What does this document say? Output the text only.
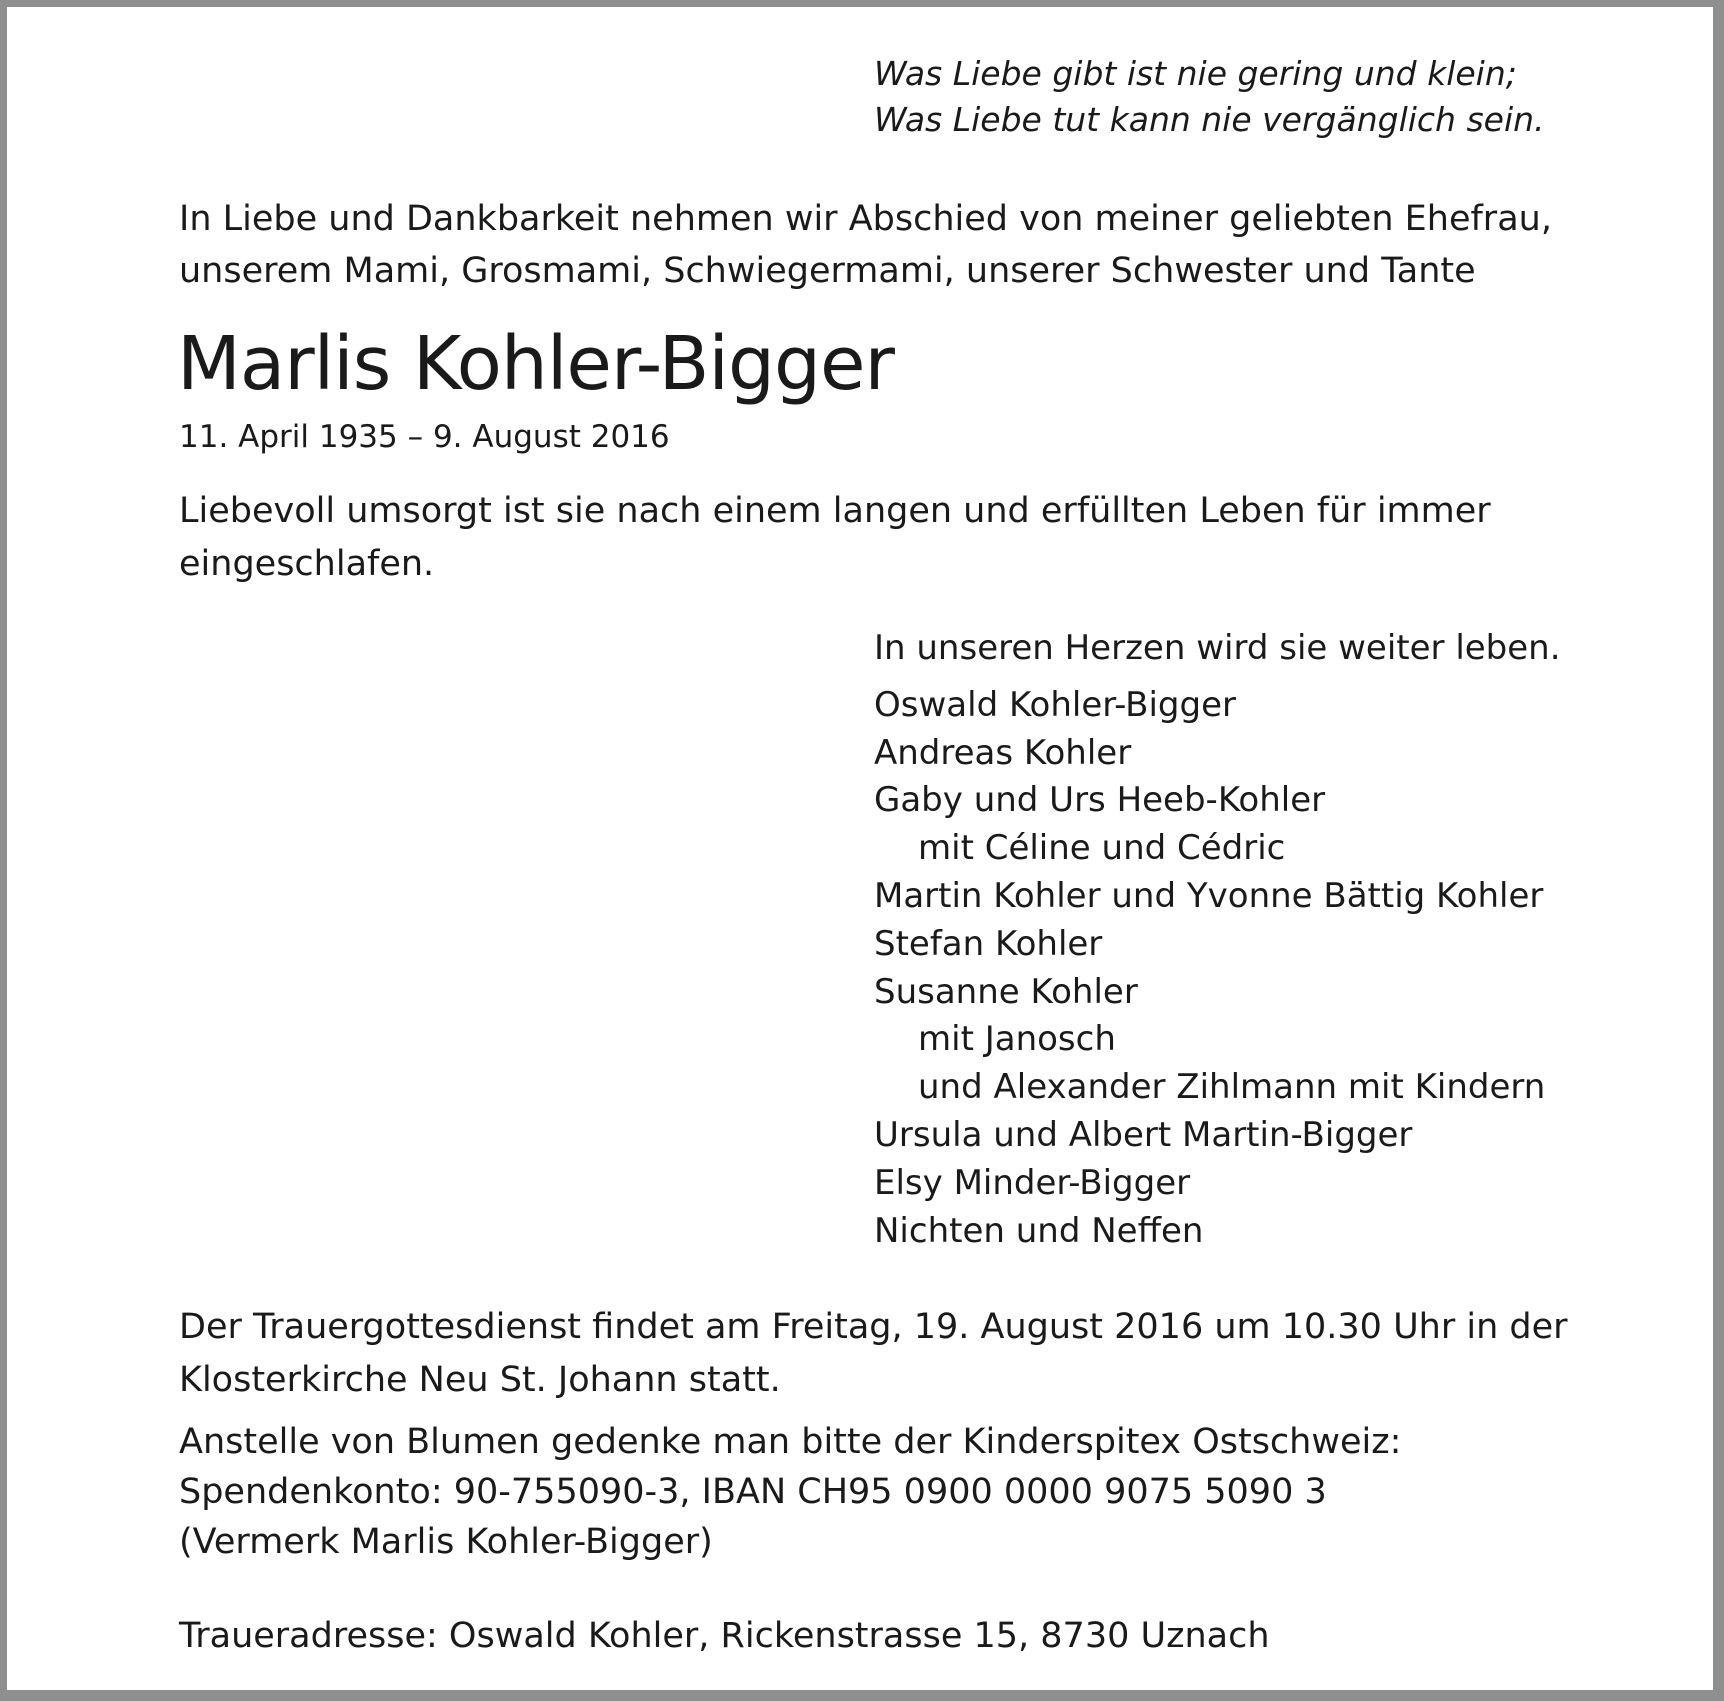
Was Liebe gibt ist nie gering und klein;
Was Liebe tut kann nie vergänglich sein.
In Liebe und Dankbarkeit nehmen wir Abschied von meiner geliebten Ehefrau,
unserem Mami, Grosmami, Schwiegermami, unserer Schwester und Tante
Marlis Kohler-Bigger
11. April 1935 – 9. August 2016
Liebevoll umsorgt ist sie nach einem langen und erfüllten Leben für immer
eingeschlafen.
In unseren Herzen wird sie weiter leben.
Oswald Kohler-Bigger
Andreas Kohler
Gaby und Urs Heeb-Kohler
mit Céline und Cédric
Martin Kohler und Yvonne Bättig Kohler
Stefan Kohler
Susanne Kohler
mit Janosch
und Alexander Zihlmann mit Kindern
Ursula und Albert Martin-Bigger
Elsy Minder-Bigger
Nichten und Neffen
Der Trauergottesdienst findet am Freitag, 19. August 2016 um 10.30 Uhr in der
Klosterkirche Neu St. Johann statt.
Anstelle von Blumen gedenke man bitte der Kinderspitex Ostschweiz:
Spendenkonto: 90-755090-3, IBAN CH95 0900 0000 9075 5090 3
(Vermerk Marlis Kohler-Bigger)
Traueradresse: Oswald Kohler, Rickenstrasse 15, 8730 Uznach
